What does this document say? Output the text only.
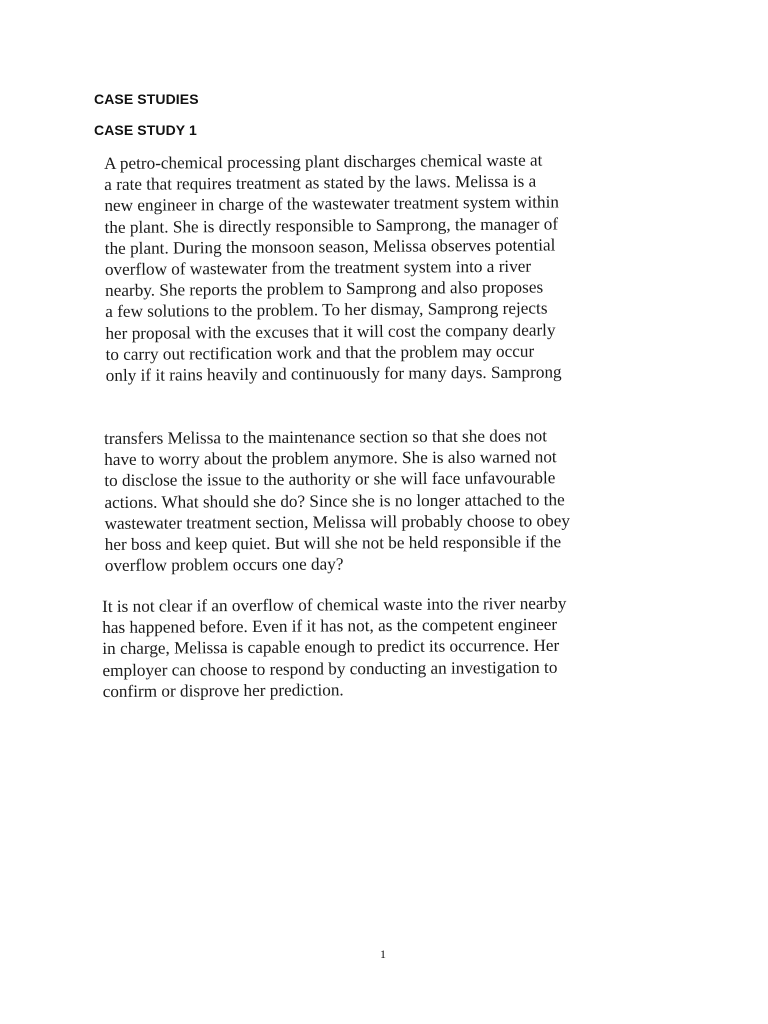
CASE STUDIES
CASE STUDY 1

A petro-chemical processing plant discharges chemical waste at
a rate that requires treatment as stated by the laws. Melissa is a
new engineer in charge of the wastewater treatment system within
the plant. She is directly responsible to Samprong, the manager of
the plant. During the monsoon season, Melissa observes potential
overflow of wastewater from the treatment system into a river
nearby. She reports the problem to Samprong and also proposes
a few solutions to the problem. To her dismay, Samprong rejects
her proposal with the excuses that it will cost the company dearly
to carry out rectification work and that the problem may occur
only if it rains heavily and continuously for many days. Samprong

transfers Melissa to the maintenance section so that she does not
have to worry about the problem anymore. She is also warned not
to disclose the issue to the authority or she will face unfavourable
actions. What should she do? Since she is no longer attached to the
wastewater treatment section, Melissa will probably choose to obey
her boss and keep quiet. But will she not be held responsible if the
overflow problem occurs one day?

It is not clear if an overflow of chemical waste into the river nearby
has happened before. Even if it has not, as the competent engineer
in charge, Melissa is capable enough to predict its occurrence. Her
employer can choose to respond by conducting an investigation to
confirm or disprove her prediction.

1
